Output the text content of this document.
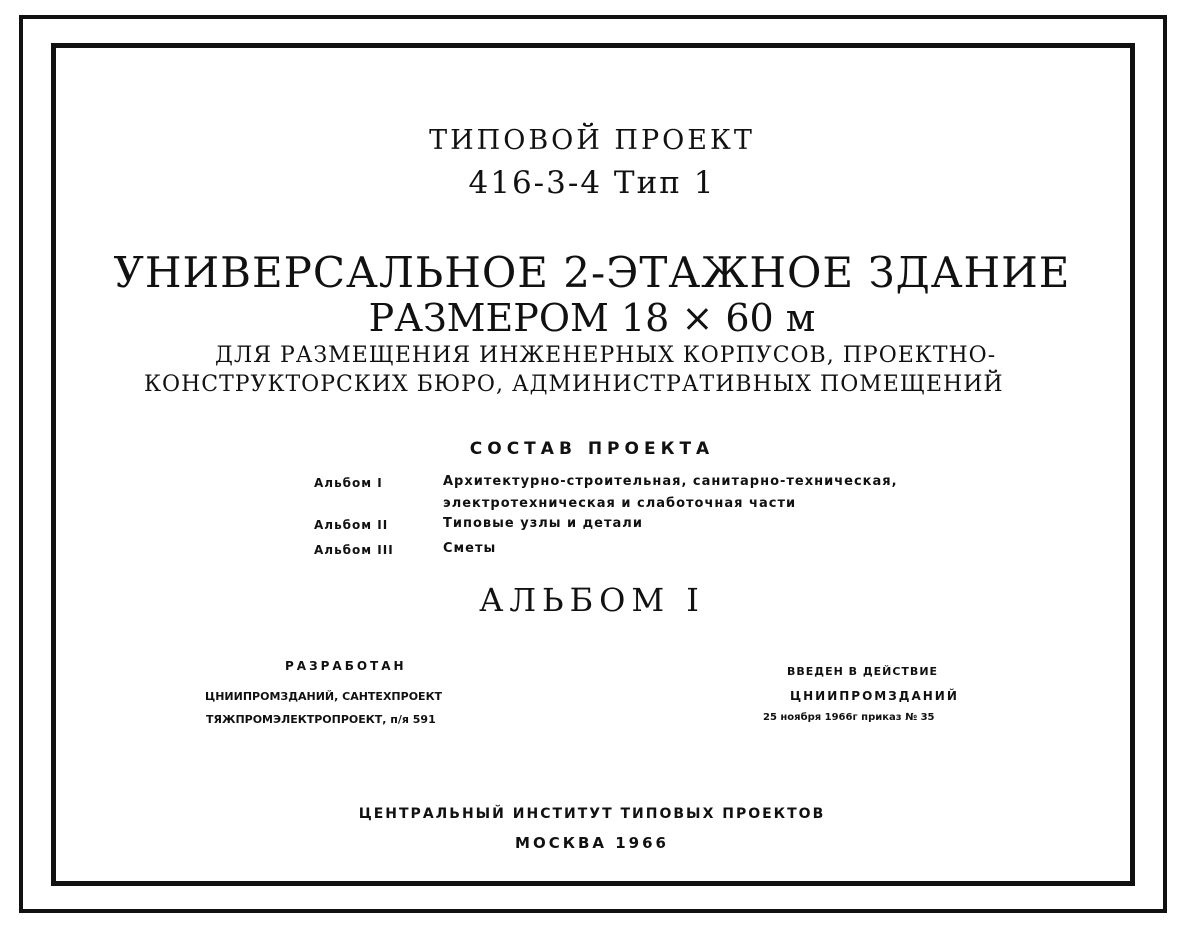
ТИПОВОЙ ПРОЕКТ
416-3-4 Тип 1
УНИВЕРСАЛЬНОЕ 2-ЭТАЖНОЕ ЗДАНИЕ
РАЗМЕРОМ 18 × 60 м
ДЛЯ РАЗМЕЩЕНИЯ ИНЖЕНЕРНЫХ КОРПУСОВ, ПРОЕКТНО-
КОНСТРУКТОРСКИХ БЮРО, АДМИНИСТРАТИВНЫХ ПОМЕЩЕНИЙ
СОСТАВ ПРОЕКТА
Альбом I	Архитектурно-строительная, санитарно-техническая,
электротехническая и слаботочная части
Альбом II	Типовые узлы и детали
Альбом III	Сметы
АЛЬБОМ I
РАЗРАБОТАН
ЦНИИПРОМЗДАНИЙ, САНТЕХПРОЕКТ
ТЯЖПРОМЭЛЕКТРОПРОЕКТ, п/я 591
ВВЕДЕН В ДЕЙСТВИЕ
ЦНИИПРОМЗДАНИЙ
25 ноября 1966г приказ № 35
ЦЕНТРАЛЬНЫЙ ИНСТИТУТ ТИПОВЫХ ПРОЕКТОВ
МОСКВА 1966
